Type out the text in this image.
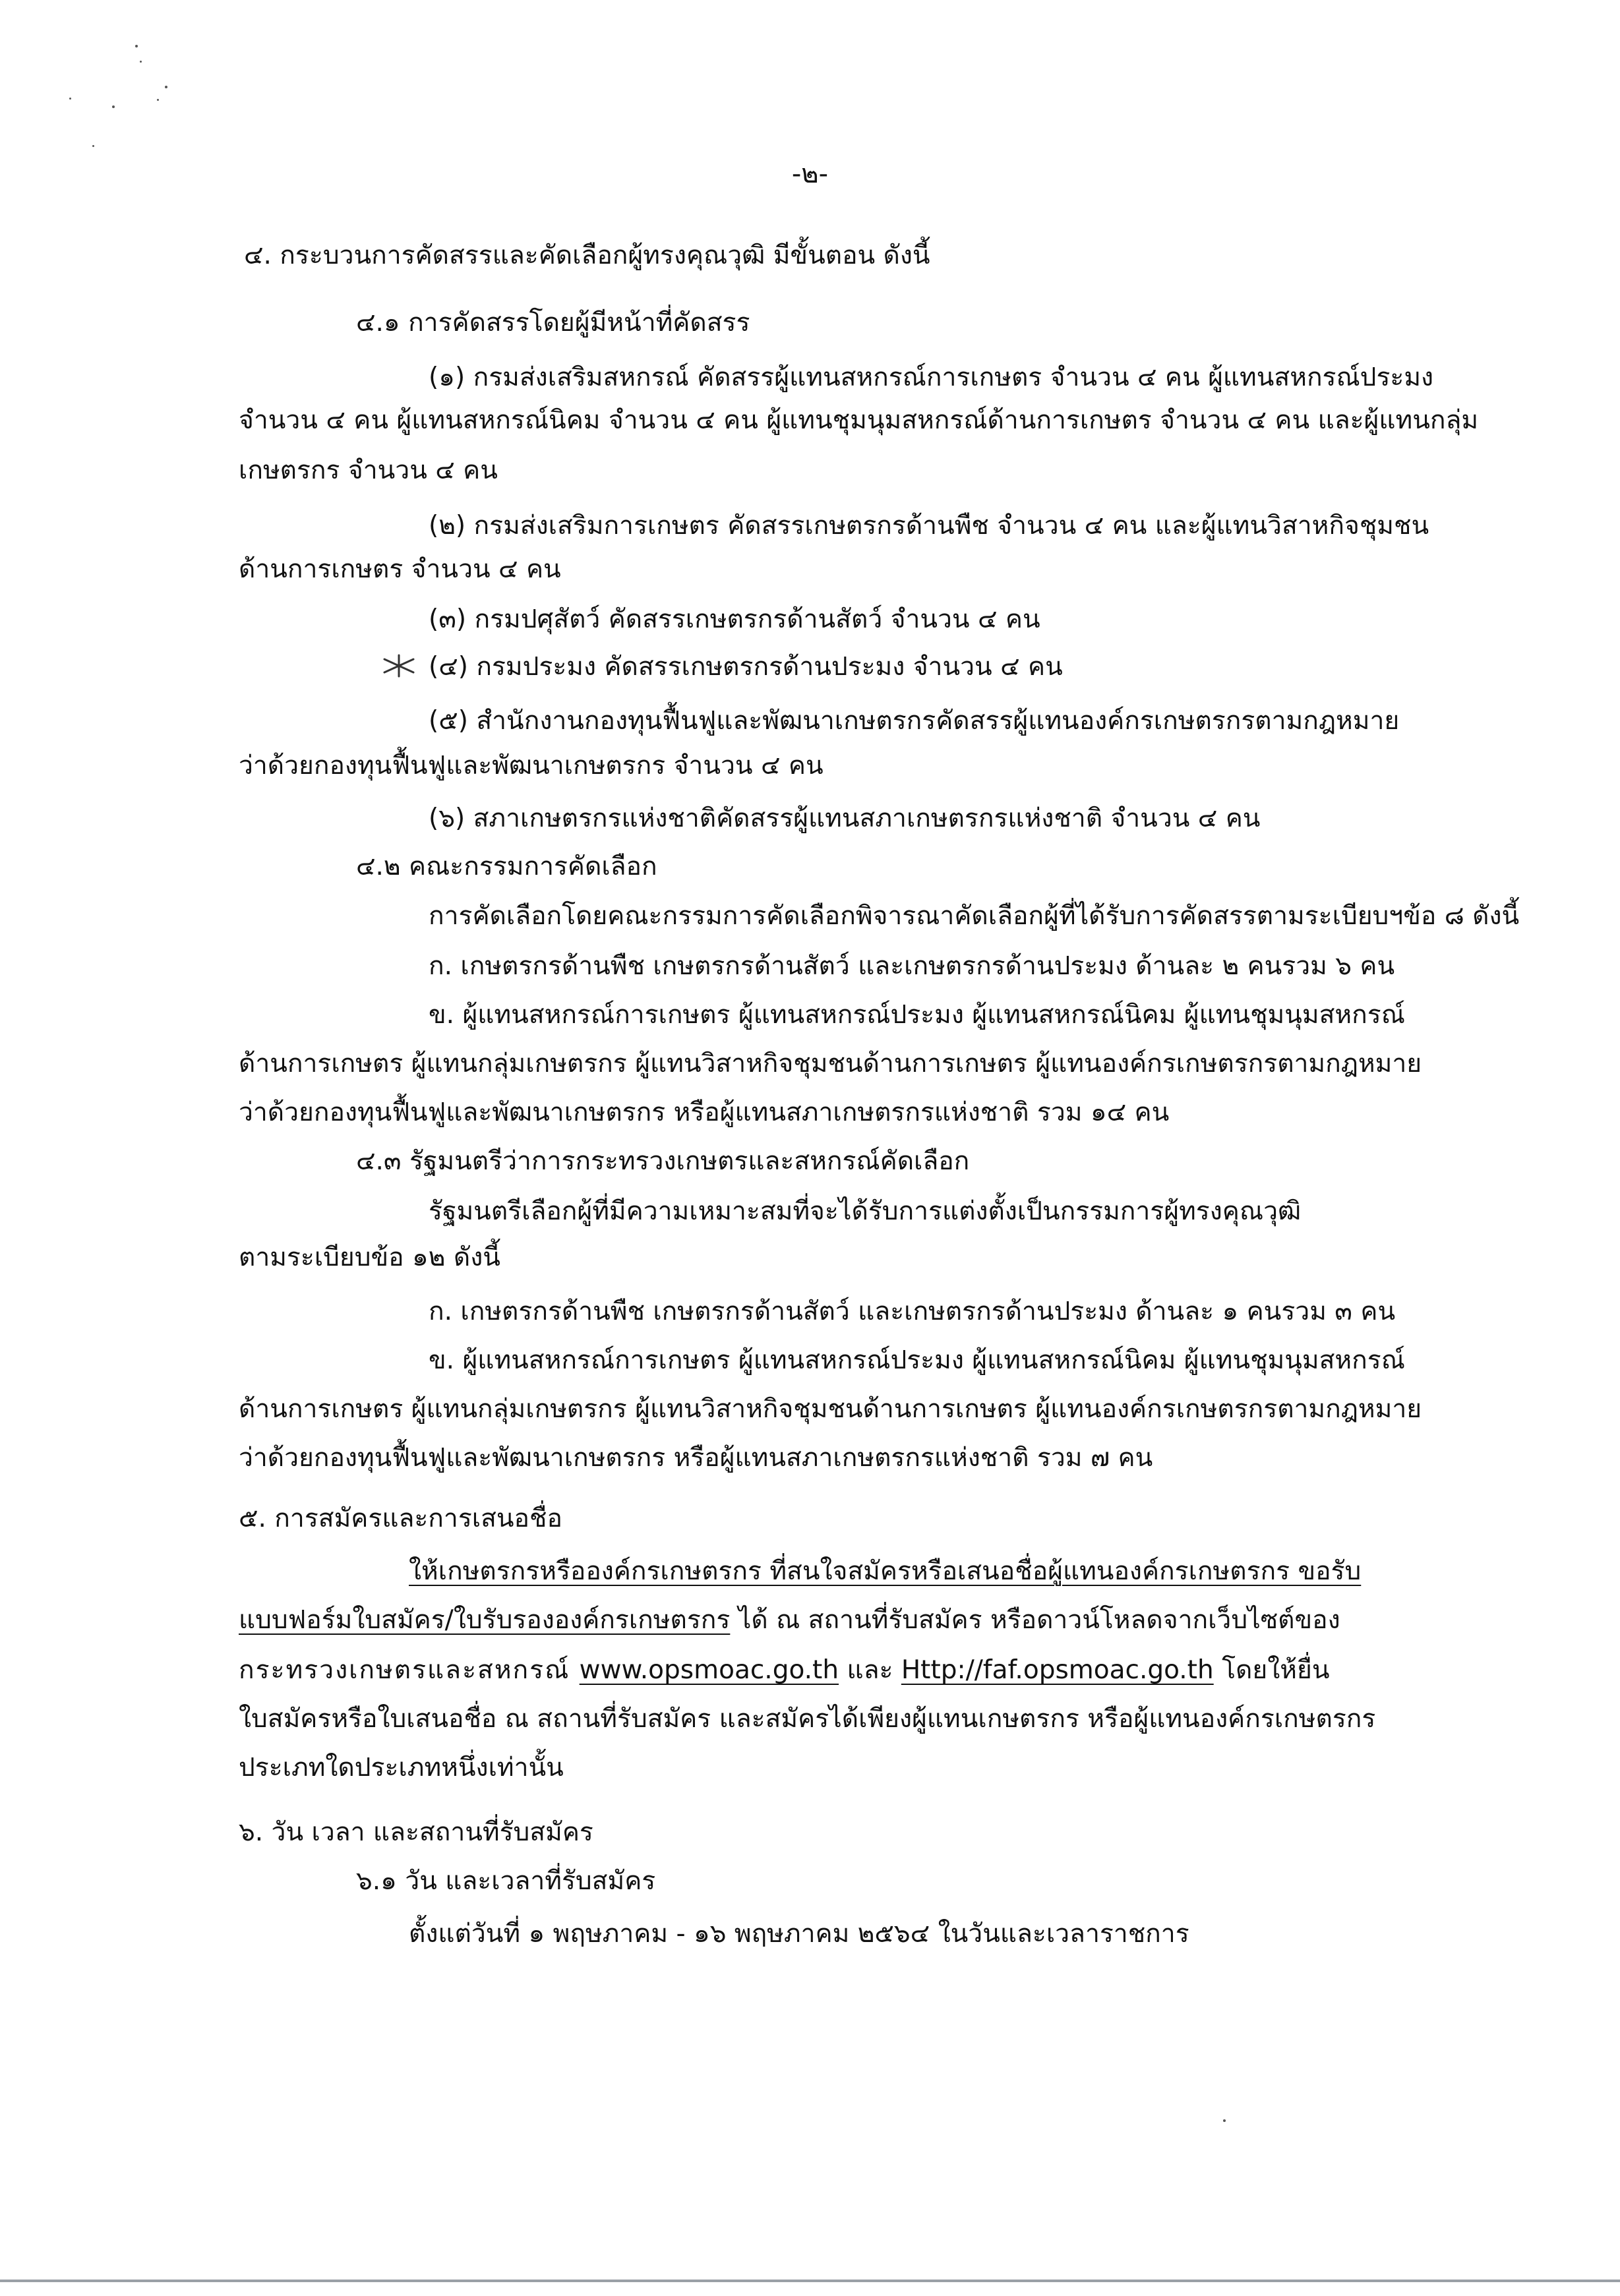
-๒-
๔. กระบวนการคัดสรรและคัดเลือกผู้ทรงคุณวุฒิ มีขั้นตอน ดังนี้
๔.๑ การคัดสรรโดยผู้มีหน้าที่คัดสรร
(๑) กรมส่งเสริมสหกรณ์ คัดสรรผู้แทนสหกรณ์การเกษตร จำนวน ๔ คน ผู้แทนสหกรณ์ประมง
จำนวน ๔ คน ผู้แทนสหกรณ์นิคม จำนวน ๔ คน ผู้แทนชุมนุมสหกรณ์ด้านการเกษตร จำนวน ๔ คน และผู้แทนกลุ่ม
เกษตรกร จำนวน ๔ คน
(๒) กรมส่งเสริมการเกษตร คัดสรรเกษตรกรด้านพืช จำนวน ๔ คน และผู้แทนวิสาหกิจชุมชน
ด้านการเกษตร จำนวน ๔ คน
(๓) กรมปศุสัตว์ คัดสรรเกษตรกรด้านสัตว์ จำนวน ๔ คน
(๔) กรมประมง คัดสรรเกษตรกรด้านประมง จำนวน ๔ คน
(๕) สำนักงานกองทุนฟื้นฟูและพัฒนาเกษตรกรคัดสรรผู้แทนองค์กรเกษตรกรตามกฎหมาย
ว่าด้วยกองทุนฟื้นฟูและพัฒนาเกษตรกร จำนวน ๔ คน
(๖) สภาเกษตรกรแห่งชาติคัดสรรผู้แทนสภาเกษตรกรแห่งชาติ จำนวน ๔ คน
๔.๒ คณะกรรมการคัดเลือก
การคัดเลือกโดยคณะกรรมการคัดเลือกพิจารณาคัดเลือกผู้ที่ได้รับการคัดสรรตามระเบียบฯข้อ ๘ ดังนี้
ก. เกษตรกรด้านพืช เกษตรกรด้านสัตว์ และเกษตรกรด้านประมง ด้านละ ๒ คนรวม ๖ คน
ข. ผู้แทนสหกรณ์การเกษตร ผู้แทนสหกรณ์ประมง ผู้แทนสหกรณ์นิคม ผู้แทนชุมนุมสหกรณ์
ด้านการเกษตร ผู้แทนกลุ่มเกษตรกร ผู้แทนวิสาหกิจชุมชนด้านการเกษตร ผู้แทนองค์กรเกษตรกรตามกฎหมาย
ว่าด้วยกองทุนฟื้นฟูและพัฒนาเกษตรกร หรือผู้แทนสภาเกษตรกรแห่งชาติ รวม ๑๔ คน
๔.๓ รัฐมนตรีว่าการกระทรวงเกษตรและสหกรณ์คัดเลือก
รัฐมนตรีเลือกผู้ที่มีความเหมาะสมที่จะได้รับการแต่งตั้งเป็นกรรมการผู้ทรงคุณวุฒิ
ตามระเบียบข้อ ๑๒ ดังนี้
ก. เกษตรกรด้านพืช เกษตรกรด้านสัตว์ และเกษตรกรด้านประมง ด้านละ ๑ คนรวม ๓ คน
ข. ผู้แทนสหกรณ์การเกษตร ผู้แทนสหกรณ์ประมง ผู้แทนสหกรณ์นิคม ผู้แทนชุมนุมสหกรณ์
ด้านการเกษตร ผู้แทนกลุ่มเกษตรกร ผู้แทนวิสาหกิจชุมชนด้านการเกษตร ผู้แทนองค์กรเกษตรกรตามกฎหมาย
ว่าด้วยกองทุนฟื้นฟูและพัฒนาเกษตรกร หรือผู้แทนสภาเกษตรกรแห่งชาติ รวม ๗ คน
๕. การสมัครและการเสนอชื่อ
ให้เกษตรกรหรือองค์กรเกษตรกร ที่สนใจสมัครหรือเสนอชื่อผู้แทนองค์กรเกษตรกร ขอรับ
แบบฟอร์มใบสมัคร/ใบรับรององค์กรเกษตรกร ได้ ณ สถานที่รับสมัคร หรือดาวน์โหลดจากเว็บไซต์ของ
กระทรวงเกษตรและสหกรณ์ www.opsmoac.go.th และ Http://faf.opsmoac.go.th โดยให้ยื่น
ใบสมัครหรือใบเสนอชื่อ ณ สถานที่รับสมัคร และสมัครได้เพียงผู้แทนเกษตรกร หรือผู้แทนองค์กรเกษตรกร
ประเภทใดประเภทหนึ่งเท่านั้น
๖. วัน เวลา และสถานที่รับสมัคร
๖.๑ วัน และเวลาที่รับสมัคร
ตั้งแต่วันที่ ๑ พฤษภาคม - ๑๖ พฤษภาคม ๒๕๖๔ ในวันและเวลาราชการ
